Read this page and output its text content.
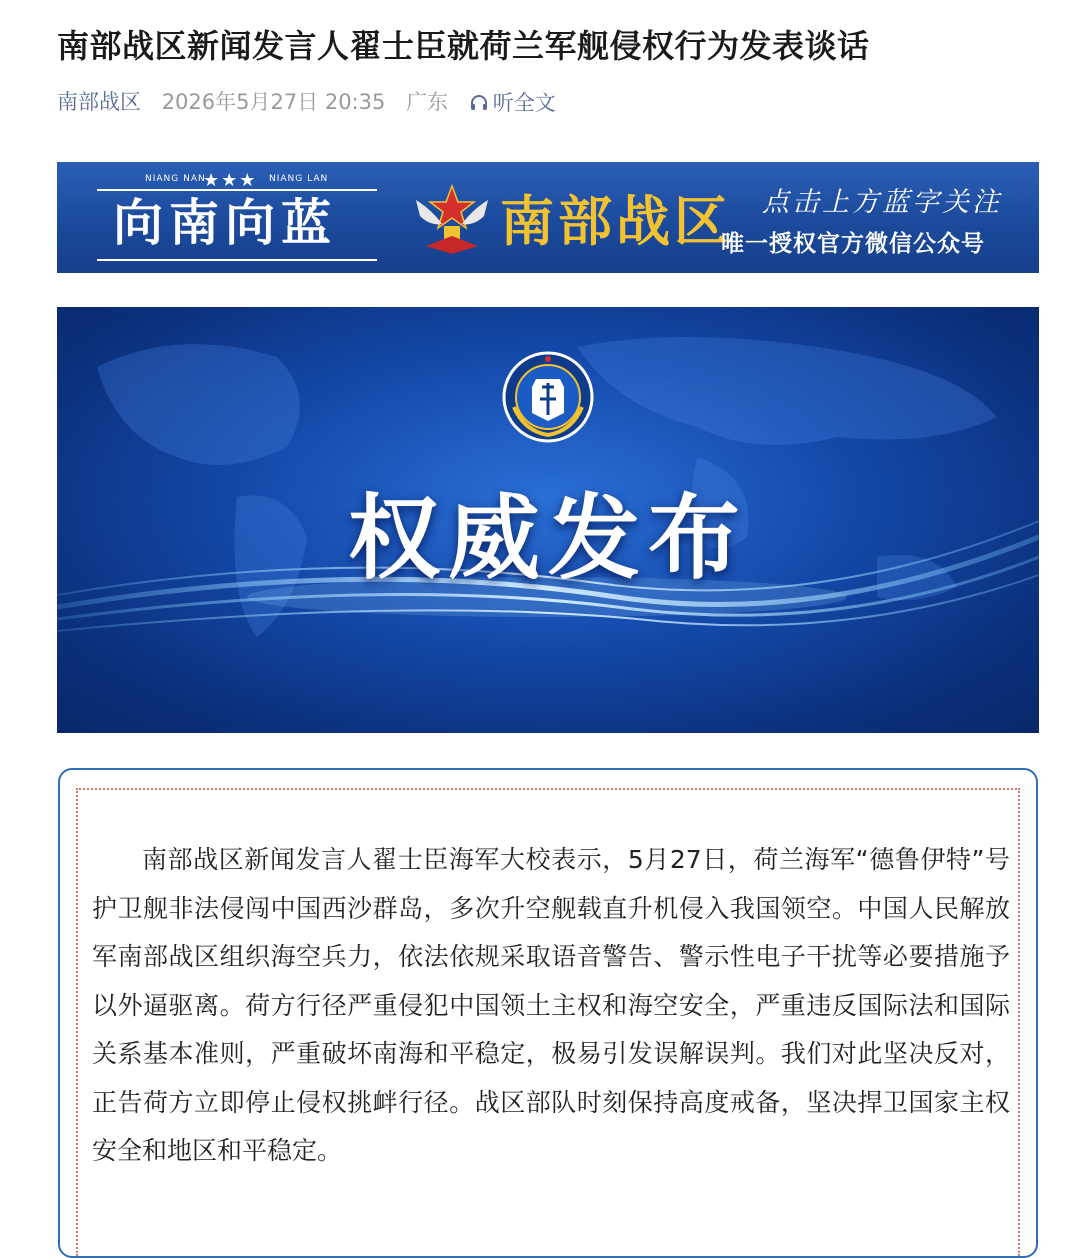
南部战区新闻发言人翟士臣就荷兰军舰侵权行为发表谈话
南部战区 2026年5月27日 20:35 广东 听全文
NIANG NAN
★★★ NIANG LAN
向南向蓝	南部战区 点击上方蓝字关注
唯一授权官方微信公众号
权威发布
南部战区新闻发言人翟士臣海军大校表示，5月27日，荷兰海军“德鲁伊特”号护卫舰非法侵闯中国西沙群岛，多次升空舰载直升机侵入我国领空。中国人民解放军南部战区组织海空兵力，依法依规采取语音警告、警示性电子干扰等必要措施予以外逼驱离。荷方行径严重侵犯中国领土主权和海空安全，严重违反国际法和国际关系基本准则，严重破坏南海和平稳定，极易引发误解误判。我们对此坚决反对，正告荷方立即停止侵权挑衅行径。战区部队时刻保持高度戒备，坚决捍卫国家主权安全和地区和平稳定。
